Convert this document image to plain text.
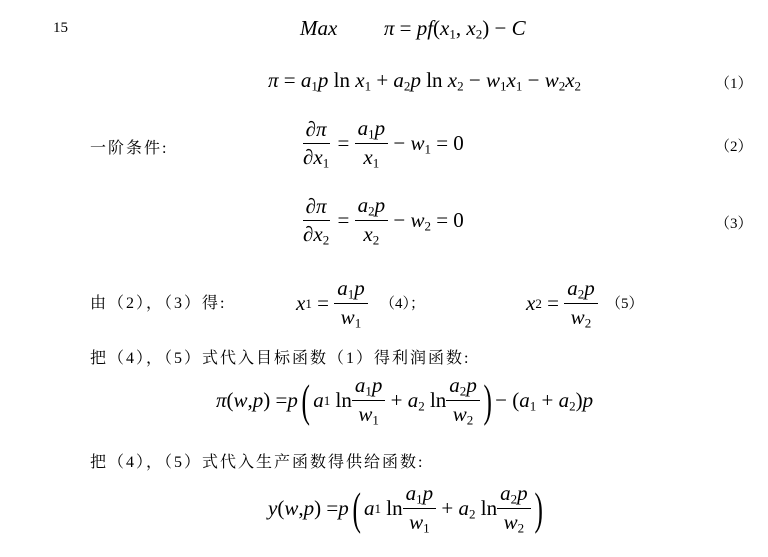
15	Max $\pi = pf(x_1$, $x_2) - C$
$\pi = a_1p$ $\ln x_1 + a_2p$ $\ln x_2 - w_1x_1 - w_2x_2$	（1）
一阶条件:	$\frac{\partial\pi}{\partial x_1} = \frac{a_1p}{x_1} - w_1 = 0$	（2）
$\frac{\partial\pi}{\partial x_2} = \frac{a_2p}{x_2} - w_2 = 0$	（3）
由（2），（3）得:	x $1 = \frac{a_1p}{w_1} (4)$；	x $2 = \frac{a_2p}{w_2} (5)$
把（4），（5）式代入目标函数（1）得利润函数:
π ( w , p ) = p ( a 1 $\ln \frac{a_1p}{w_1} + a_2$ $\ln \frac{a_2p}{w_2}$ ) − $(a_1 + a_2)p$
把（4），（5）式代入生产函数得供给函数:
y ( w , p ) = p ( a 1 $\ln \frac{a_1p}{w_1} + a_2$ $\ln \frac{a_2p}{w_2}$ )
